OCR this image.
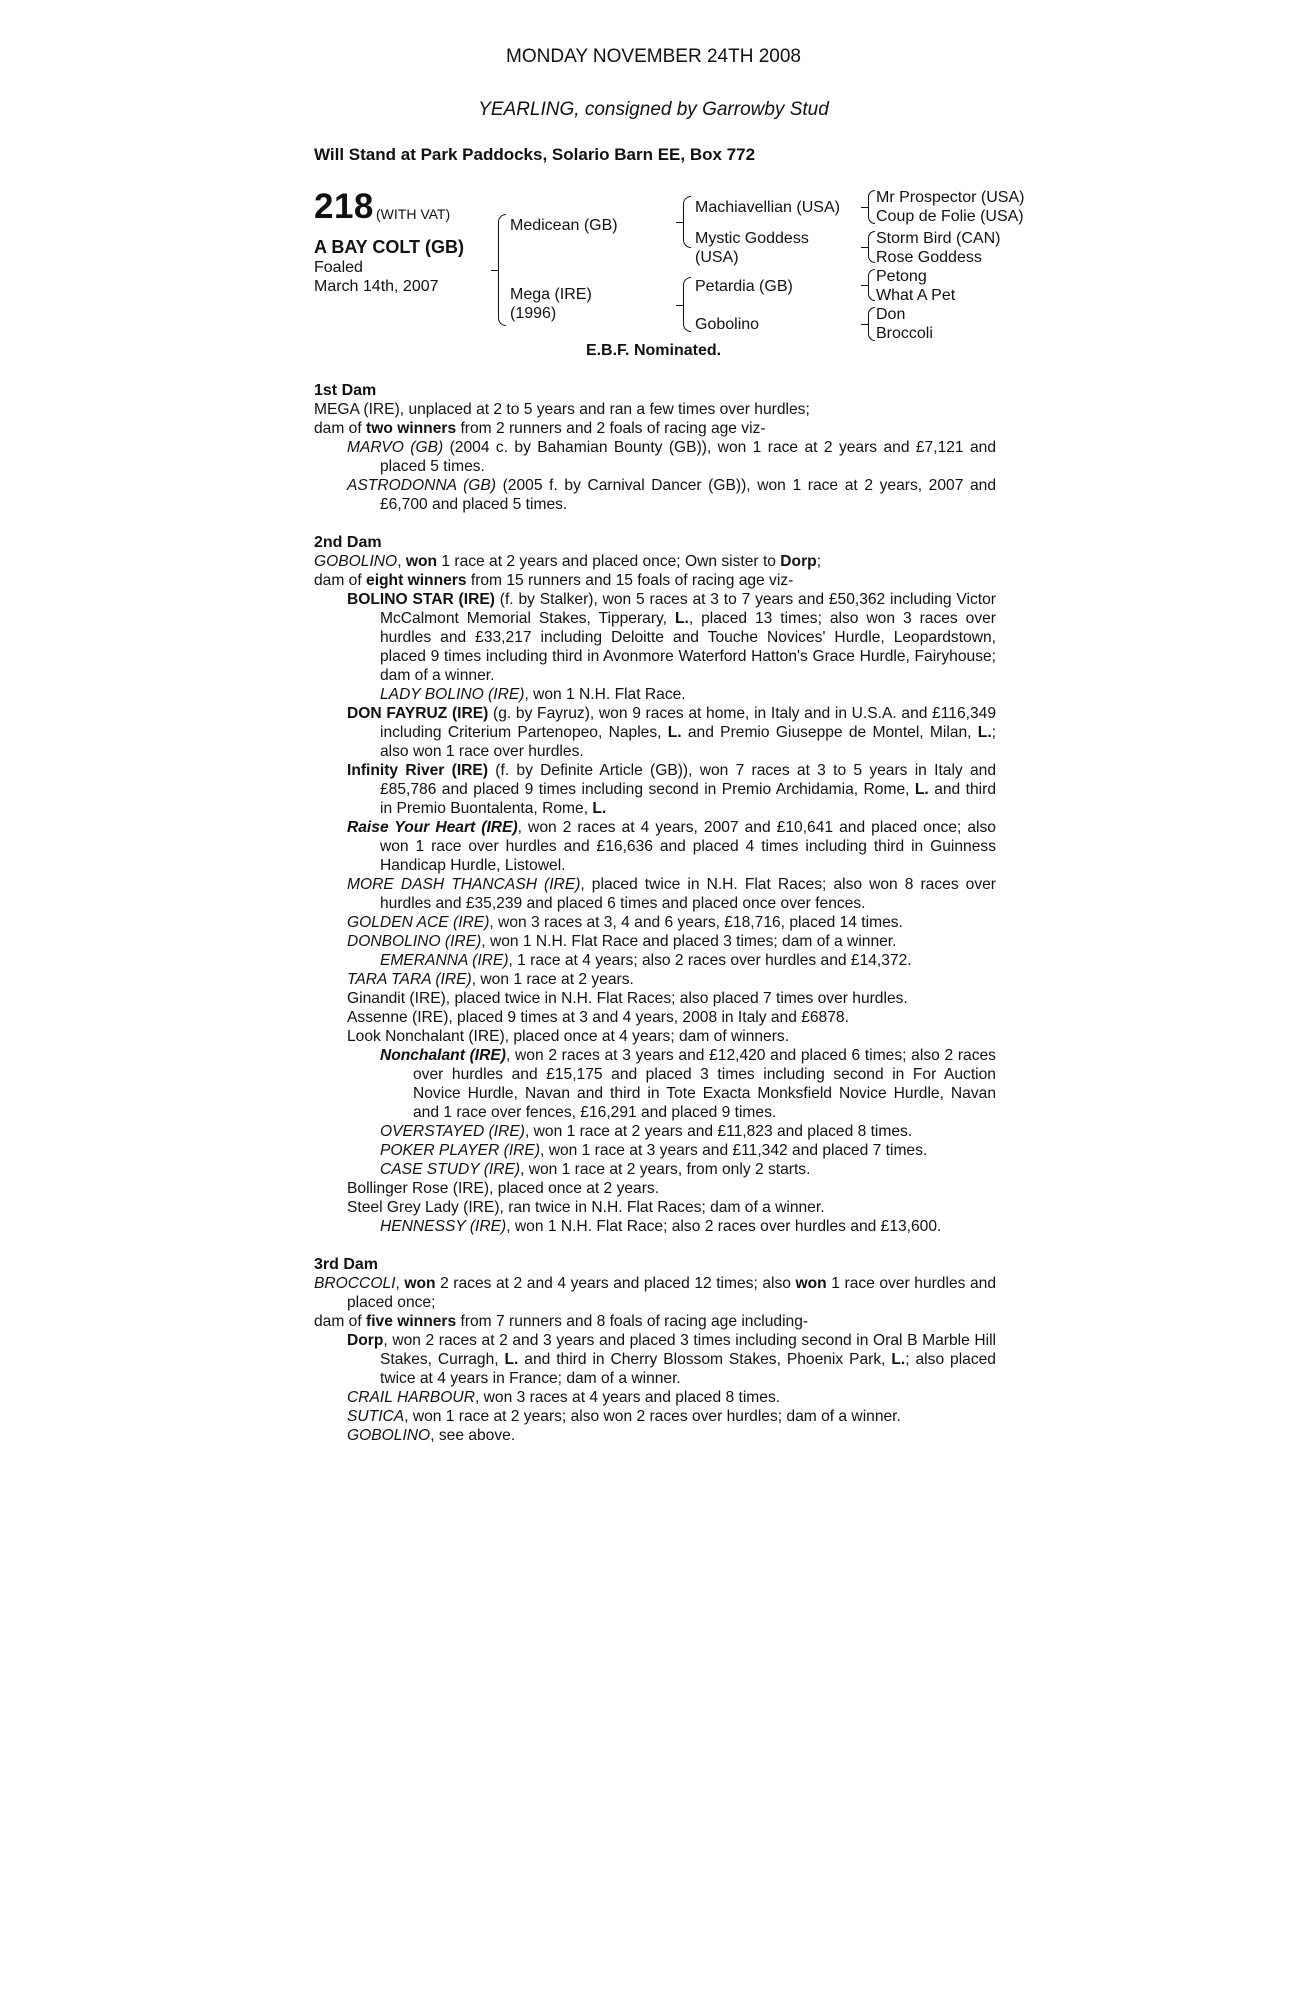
MONDAY NOVEMBER 24TH 2008
YEARLING, consigned by Garrowby Stud
Will Stand at Park Paddocks, Solario Barn EE, Box 772
218 (WITH VAT)
A BAY COLT (GB)
Foaled
March 14th, 2007
Medicean (GB)
Mega (IRE)
(1996)
Machiavellian (USA)
Mystic Goddess
(USA)
Petardia (GB)
Gobolino
Mr Prospector (USA)
Coup de Folie (USA)
Storm Bird (CAN)
Rose Goddess
Petong
What A Pet
Don
Broccoli
E.B.F. Nominated.
1st Dam

MEGA (IRE), unplaced at 2 to 5 years and ran a few times over hurdles;

dam of two winners from 2 runners and 2 foals of racing age viz-

MARVO (GB) (2004 c. by Bahamian Bounty (GB)), won 1 race at 2 years and £7,121 and placed 5 times.

ASTRODONNA (GB) (2005 f. by Carnival Dancer (GB)), won 1 race at 2 years, 2007 and £6,700 and placed 5 times.

2nd Dam

GOBOLINO, won 1 race at 2 years and placed once; Own sister to Dorp;

dam of eight winners from 15 runners and 15 foals of racing age viz-

BOLINO STAR (IRE) (f. by Stalker), won 5 races at 3 to 7 years and £50,362 including Victor McCalmont Memorial Stakes, Tipperary, L., placed 13 times; also won 3 races over hurdles and £33,217 including Deloitte and Touche Novices' Hurdle, Leopardstown, placed 9 times including third in Avonmore Waterford Hatton's Grace Hurdle, Fairyhouse; dam of a winner.

LADY BOLINO (IRE), won 1 N.H. Flat Race.

DON FAYRUZ (IRE) (g. by Fayruz), won 9 races at home, in Italy and in U.S.A. and £116,349 including Criterium Partenopeo, Naples, L. and Premio Giuseppe de Montel, Milan, L.; also won 1 race over hurdles.

Infinity River (IRE) (f. by Definite Article (GB)), won 7 races at 3 to 5 years in Italy and £85,786 and placed 9 times including second in Premio Archidamia, Rome, L. and third in Premio Buontalenta, Rome, L.

Raise Your Heart (IRE), won 2 races at 4 years, 2007 and £10,641 and placed once; also won 1 race over hurdles and £16,636 and placed 4 times including third in Guinness Handicap Hurdle, Listowel.

MORE DASH THANCASH (IRE), placed twice in N.H. Flat Races; also won 8 races over hurdles and £35,239 and placed 6 times and placed once over fences.

GOLDEN ACE (IRE), won 3 races at 3, 4 and 6 years, £18,716, placed 14 times.

DONBOLINO (IRE), won 1 N.H. Flat Race and placed 3 times; dam of a winner.

EMERANNA (IRE), 1 race at 4 years; also 2 races over hurdles and £14,372.

TARA TARA (IRE), won 1 race at 2 years.

Ginandit (IRE), placed twice in N.H. Flat Races; also placed 7 times over hurdles.

Assenne (IRE), placed 9 times at 3 and 4 years, 2008 in Italy and £6878.

Look Nonchalant (IRE), placed once at 4 years; dam of winners.

Nonchalant (IRE), won 2 races at 3 years and £12,420 and placed 6 times; also 2 races over hurdles and £15,175 and placed 3 times including second in For Auction Novice Hurdle, Navan and third in Tote Exacta Monksfield Novice Hurdle, Navan and 1 race over fences, £16,291 and placed 9 times.

OVERSTAYED (IRE), won 1 race at 2 years and £11,823 and placed 8 times.

POKER PLAYER (IRE), won 1 race at 3 years and £11,342 and placed 7 times.

CASE STUDY (IRE), won 1 race at 2 years, from only 2 starts.

Bollinger Rose (IRE), placed once at 2 years.

Steel Grey Lady (IRE), ran twice in N.H. Flat Races; dam of a winner.

HENNESSY (IRE), won 1 N.H. Flat Race; also 2 races over hurdles and £13,600.

3rd Dam

BROCCOLI, won 2 races at 2 and 4 years and placed 12 times; also won 1 race over hurdles and placed once;

dam of five winners from 7 runners and 8 foals of racing age including-

Dorp, won 2 races at 2 and 3 years and placed 3 times including second in Oral B Marble Hill Stakes, Curragh, L. and third in Cherry Blossom Stakes, Phoenix Park, L.; also placed twice at 4 years in France; dam of a winner.

CRAIL HARBOUR, won 3 races at 4 years and placed 8 times.

SUTICA, won 1 race at 2 years; also won 2 races over hurdles; dam of a winner.

GOBOLINO, see above.
